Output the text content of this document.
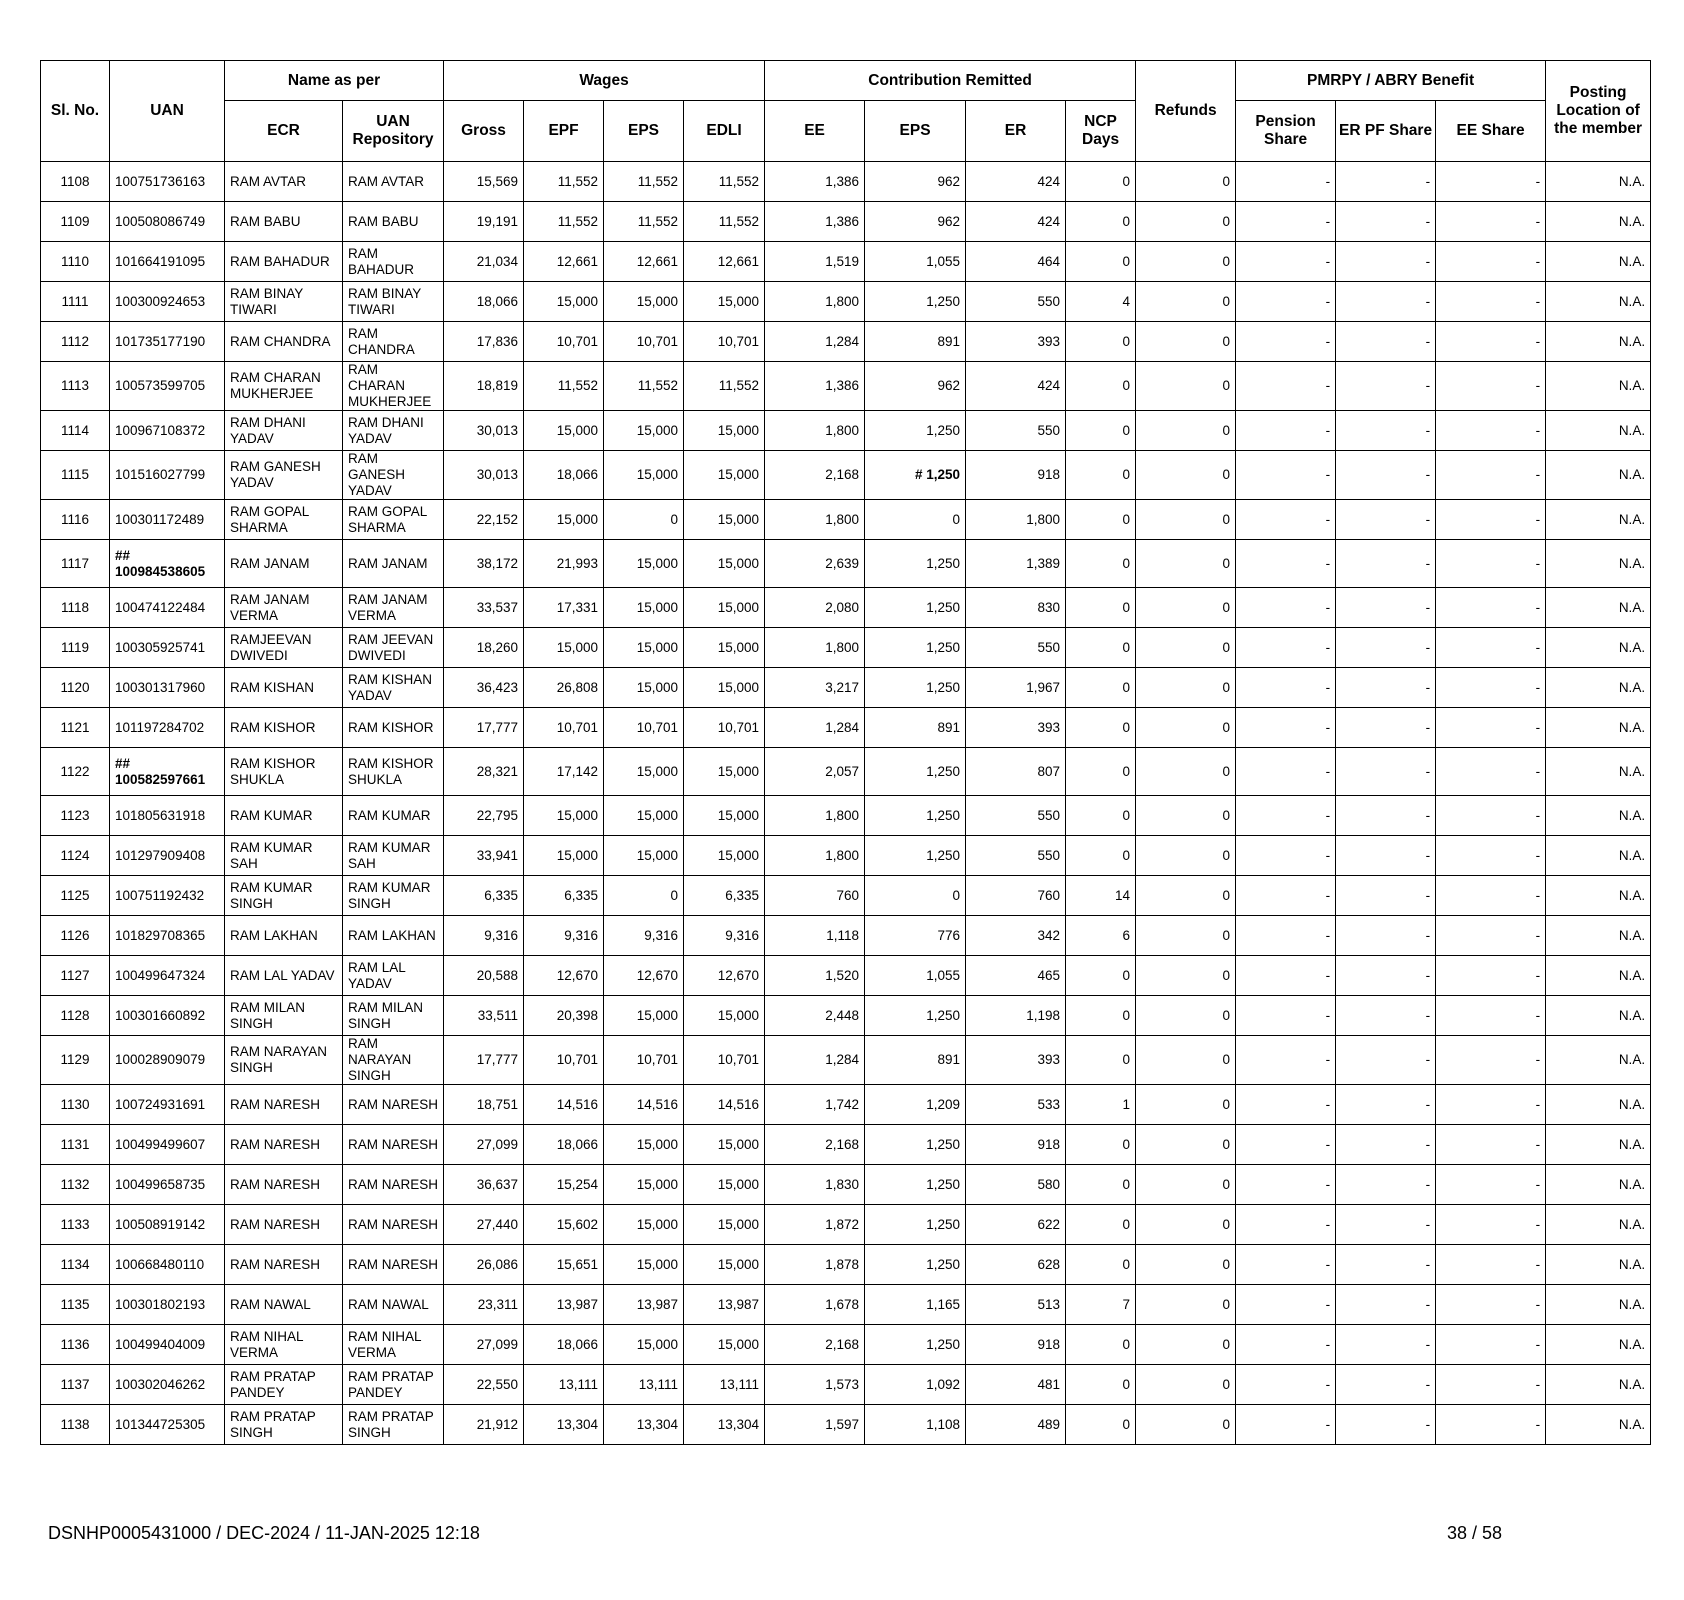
Sl. No.	UAN	Name as per		Wages				Contribution Remitted				Refunds	PMRPY / ABRY Benefit			Posting Location of the member
		ECR	UAN Repository	Gross	EPF	EPS	EDLI	EE	EPS	ER	NCP Days		Pension Share	ER PF Share	EE Share	
1108	100751736163	RAM AVTAR	RAM AVTAR	15,569	11,552	11,552	11,552	1,386	962	424	0	0	-	-	-	N.A.
1109	100508086749	RAM BABU	RAM BABU	19,191	11,552	11,552	11,552	1,386	962	424	0	0	-	-	-	N.A.
1110	101664191095	RAM BAHADUR	RAM BAHADUR	21,034	12,661	12,661	12,661	1,519	1,055	464	0	0	-	-	-	N.A.
1111	100300924653	RAM BINAY TIWARI	RAM BINAY TIWARI	18,066	15,000	15,000	15,000	1,800	1,250	550	4	0	-	-	-	N.A.
1112	101735177190	RAM CHANDRA	RAM CHANDRA	17,836	10,701	10,701	10,701	1,284	891	393	0	0	-	-	-	N.A.
1113	100573599705	RAM CHARAN MUKHERJEE	RAM CHARAN MUKHERJEE	18,819	11,552	11,552	11,552	1,386	962	424	0	0	-	-	-	N.A.
1114	100967108372	RAM DHANI YADAV	RAM DHANI YADAV	30,013	15,000	15,000	15,000	1,800	1,250	550	0	0	-	-	-	N.A.
1115	101516027799	RAM GANESH YADAV	RAM GANESH YADAV	30,013	18,066	15,000	15,000	2,168	# 1,250	918	0	0	-	-	-	N.A.
1116	100301172489	RAM GOPAL SHARMA	RAM GOPAL SHARMA	22,152	15,000	0	15,000	1,800	0	1,800	0	0	-	-	-	N.A.
1117	## 100984538605	RAM JANAM	RAM JANAM	38,172	21,993	15,000	15,000	2,639	1,250	1,389	0	0	-	-	-	N.A.
1118	100474122484	RAM JANAM VERMA	RAM JANAM VERMA	33,537	17,331	15,000	15,000	2,080	1,250	830	0	0	-	-	-	N.A.
1119	100305925741	RAMJEEVAN DWIVEDI	RAM JEEVAN DWIVEDI	18,260	15,000	15,000	15,000	1,800	1,250	550	0	0	-	-	-	N.A.
1120	100301317960	RAM KISHAN	RAM KISHAN YADAV	36,423	26,808	15,000	15,000	3,217	1,250	1,967	0	0	-	-	-	N.A.
1121	101197284702	RAM KISHOR	RAM KISHOR	17,777	10,701	10,701	10,701	1,284	891	393	0	0	-	-	-	N.A.
1122	## 100582597661	RAM KISHOR SHUKLA	RAM KISHOR SHUKLA	28,321	17,142	15,000	15,000	2,057	1,250	807	0	0	-	-	-	N.A.
1123	101805631918	RAM KUMAR	RAM KUMAR	22,795	15,000	15,000	15,000	1,800	1,250	550	0	0	-	-	-	N.A.
1124	101297909408	RAM KUMAR SAH	RAM KUMAR SAH	33,941	15,000	15,000	15,000	1,800	1,250	550	0	0	-	-	-	N.A.
1125	100751192432	RAM KUMAR SINGH	RAM KUMAR SINGH	6,335	6,335	0	6,335	760	0	760	14	0	-	-	-	N.A.
1126	101829708365	RAM LAKHAN	RAM LAKHAN	9,316	9,316	9,316	9,316	1,118	776	342	6	0	-	-	-	N.A.
1127	100499647324	RAM LAL YADAV	RAM LAL YADAV	20,588	12,670	12,670	12,670	1,520	1,055	465	0	0	-	-	-	N.A.
1128	100301660892	RAM MILAN SINGH	RAM MILAN SINGH	33,511	20,398	15,000	15,000	2,448	1,250	1,198	0	0	-	-	-	N.A.
1129	100028909079	RAM NARAYAN SINGH	RAM NARAYAN SINGH	17,777	10,701	10,701	10,701	1,284	891	393	0	0	-	-	-	N.A.
1130	100724931691	RAM NARESH	RAM NARESH	18,751	14,516	14,516	14,516	1,742	1,209	533	1	0	-	-	-	N.A.
1131	100499499607	RAM NARESH	RAM NARESH	27,099	18,066	15,000	15,000	2,168	1,250	918	0	0	-	-	-	N.A.
1132	100499658735	RAM NARESH	RAM NARESH	36,637	15,254	15,000	15,000	1,830	1,250	580	0	0	-	-	-	N.A.
1133	100508919142	RAM NARESH	RAM NARESH	27,440	15,602	15,000	15,000	1,872	1,250	622	0	0	-	-	-	N.A.
1134	100668480110	RAM NARESH	RAM NARESH	26,086	15,651	15,000	15,000	1,878	1,250	628	0	0	-	-	-	N.A.
1135	100301802193	RAM NAWAL	RAM NAWAL	23,311	13,987	13,987	13,987	1,678	1,165	513	7	0	-	-	-	N.A.
1136	100499404009	RAM NIHAL VERMA	RAM NIHAL VERMA	27,099	18,066	15,000	15,000	2,168	1,250	918	0	0	-	-	-	N.A.
1137	100302046262	RAM PRATAP PANDEY	RAM PRATAP PANDEY	22,550	13,111	13,111	13,111	1,573	1,092	481	0	0	-	-	-	N.A.
1138	101344725305	RAM PRATAP SINGH	RAM PRATAP SINGH	21,912	13,304	13,304	13,304	1,597	1,108	489	0	0	-	-	-	N.A.
DSNHP0005431000 / DEC-2024 / 11-JAN-2025 12:18	38 / 58
